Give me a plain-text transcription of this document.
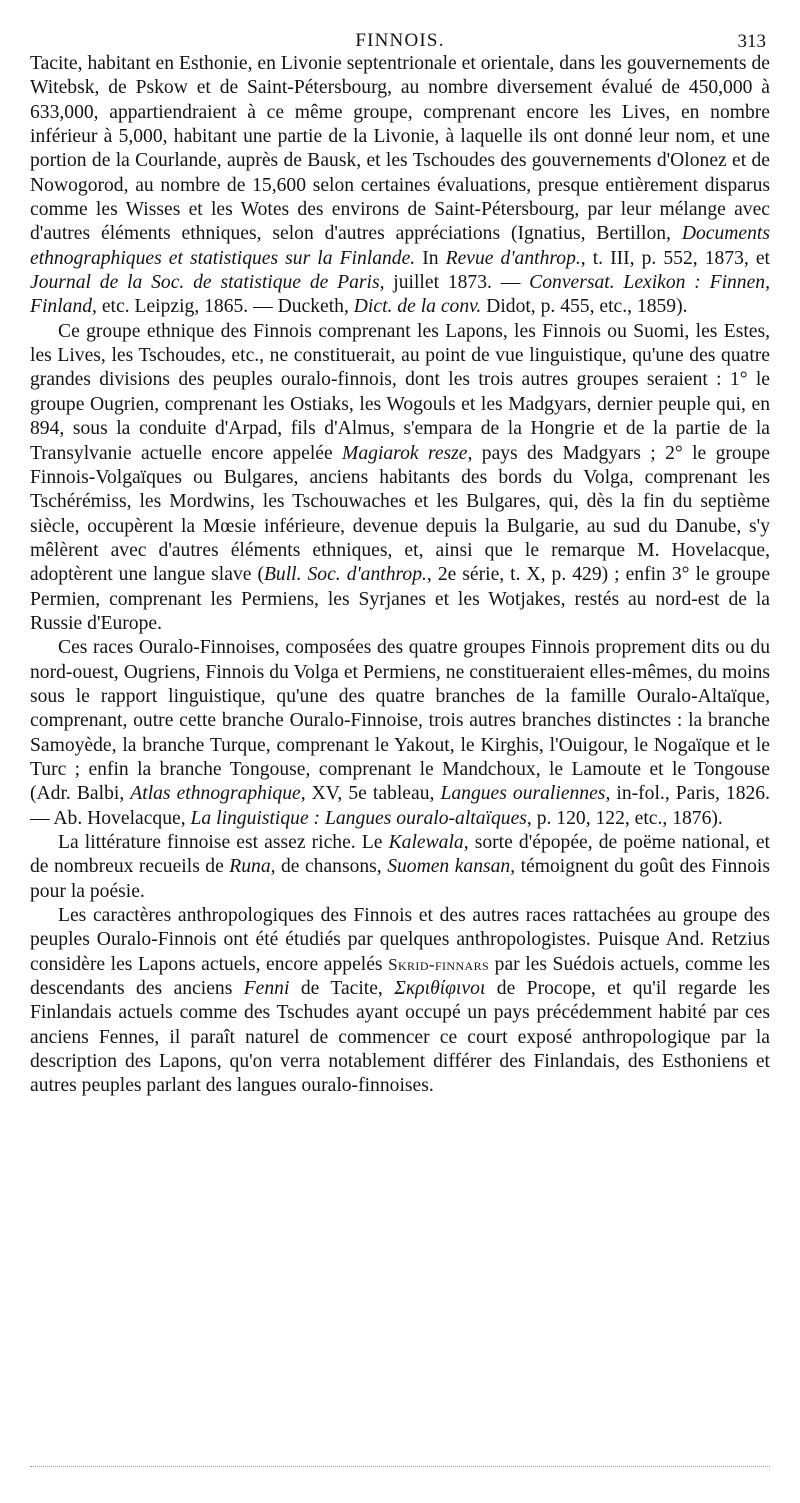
FINNOIS.	313

Tacite, habitant en Esthonie, en Livonie septentrionale et orientale, dans les gouvernements de Witebsk, de Pskow et de Saint-Pétersbourg, au nombre diversement évalué de 450,000 à 633,000, appartiendraient à ce même groupe, comprenant encore les Lives, en nombre inférieur à 5,000, habitant une partie de la Livonie, à laquelle ils ont donné leur nom, et une portion de la Courlande, auprès de Bausk, et les Tschoudes des gouvernements d'Olonez et de Nowogorod, au nombre de 15,600 selon certaines évaluations, presque entièrement disparus comme les Wisses et les Wotes des environs de Saint-Pétersbourg, par leur mélange avec d'autres éléments ethniques, selon d'autres appréciations (Ignatius, Bertillon, Documents ethnographiques et statistiques sur la Finlande. In Revue d'anthrop., t. III, p. 552, 1873, et Journal de la Soc. de statistique de Paris, juillet 1873. — Conversat. Lexikon : Finnen, Finland, etc. Leipzig, 1865. — Ducketh, Dict. de la conv. Didot, p. 455, etc., 1859).

Ce groupe ethnique des Finnois comprenant les Lapons, les Finnois ou Suomi, les Estes, les Lives, les Tschoudes, etc., ne constituerait, au point de vue linguistique, qu'une des quatre grandes divisions des peuples ouralo-finnois, dont les trois autres groupes seraient : 1° le groupe Ougrien, comprenant les Ostiaks, les Wogouls et les Madgyars, dernier peuple qui, en 894, sous la conduite d'Arpad, fils d'Almus, s'empara de la Hongrie et de la partie de la Transylvanie actuelle encore appelée Magiarok resze, pays des Madgyars ; 2° le groupe Finnois-Volgaïques ou Bulgares, anciens habitants des bords du Volga, comprenant les Tschérémiss, les Mordwins, les Tschouwaches et les Bulgares, qui, dès la fin du septième siècle, occupèrent la Mœsie inférieure, devenue depuis la Bulgarie, au sud du Danube, s'y mêlèrent avec d'autres éléments ethniques, et, ainsi que le remarque M. Hovelacque, adoptèrent une langue slave (Bull. Soc. d'anthrop., 2e série, t. X, p. 429) ; enfin 3° le groupe Permien, comprenant les Permiens, les Syrjanes et les Wotjakes, restés au nord-est de la Russie d'Europe.

Ces races Ouralo-Finnoises, composées des quatre groupes Finnois proprement dits ou du nord-ouest, Ougriens, Finnois du Volga et Permiens, ne constitueraient elles-mêmes, du moins sous le rapport linguistique, qu'une des quatre branches de la famille Ouralo-Altaïque, comprenant, outre cette branche Ouralo-Finnoise, trois autres branches distinctes : la branche Samoyède, la branche Turque, comprenant le Yakout, le Kirghis, l'Ouigour, le Nogaïque et le Turc ; enfin la branche Tongouse, comprenant le Mandchoux, le Lamoute et le Tongouse (Adr. Balbi, Atlas ethnographique, XV, 5e tableau, Langues ouraliennes, in-fol., Paris, 1826. — Ab. Hovelacque, La linguistique : Langues ouralo-altaïques, p. 120, 122, etc., 1876).

La littérature finnoise est assez riche. Le Kalewala, sorte d'épopée, de poëme national, et de nombreux recueils de Runa, de chansons, Suomen kansan, témoignent du goût des Finnois pour la poésie.

Les caractères anthropologiques des Finnois et des autres races rattachées au groupe des peuples Ouralo-Finnois ont été étudiés par quelques anthropologistes. Puisque And. Retzius considère les Lapons actuels, encore appelés Skrid-finnars par les Suédois actuels, comme les descendants des anciens Fenni de Tacite, Σκριθίφινοι de Procope, et qu'il regarde les Finlandais actuels comme des Tschudes ayant occupé un pays précédemment habité par ces anciens Fennes, il paraît naturel de commencer ce court exposé anthropologique par la description des Lapons, qu'on verra notablement différer des Finlandais, des Esthoniens et autres peuples parlant des langues ouralo-finnoises.
